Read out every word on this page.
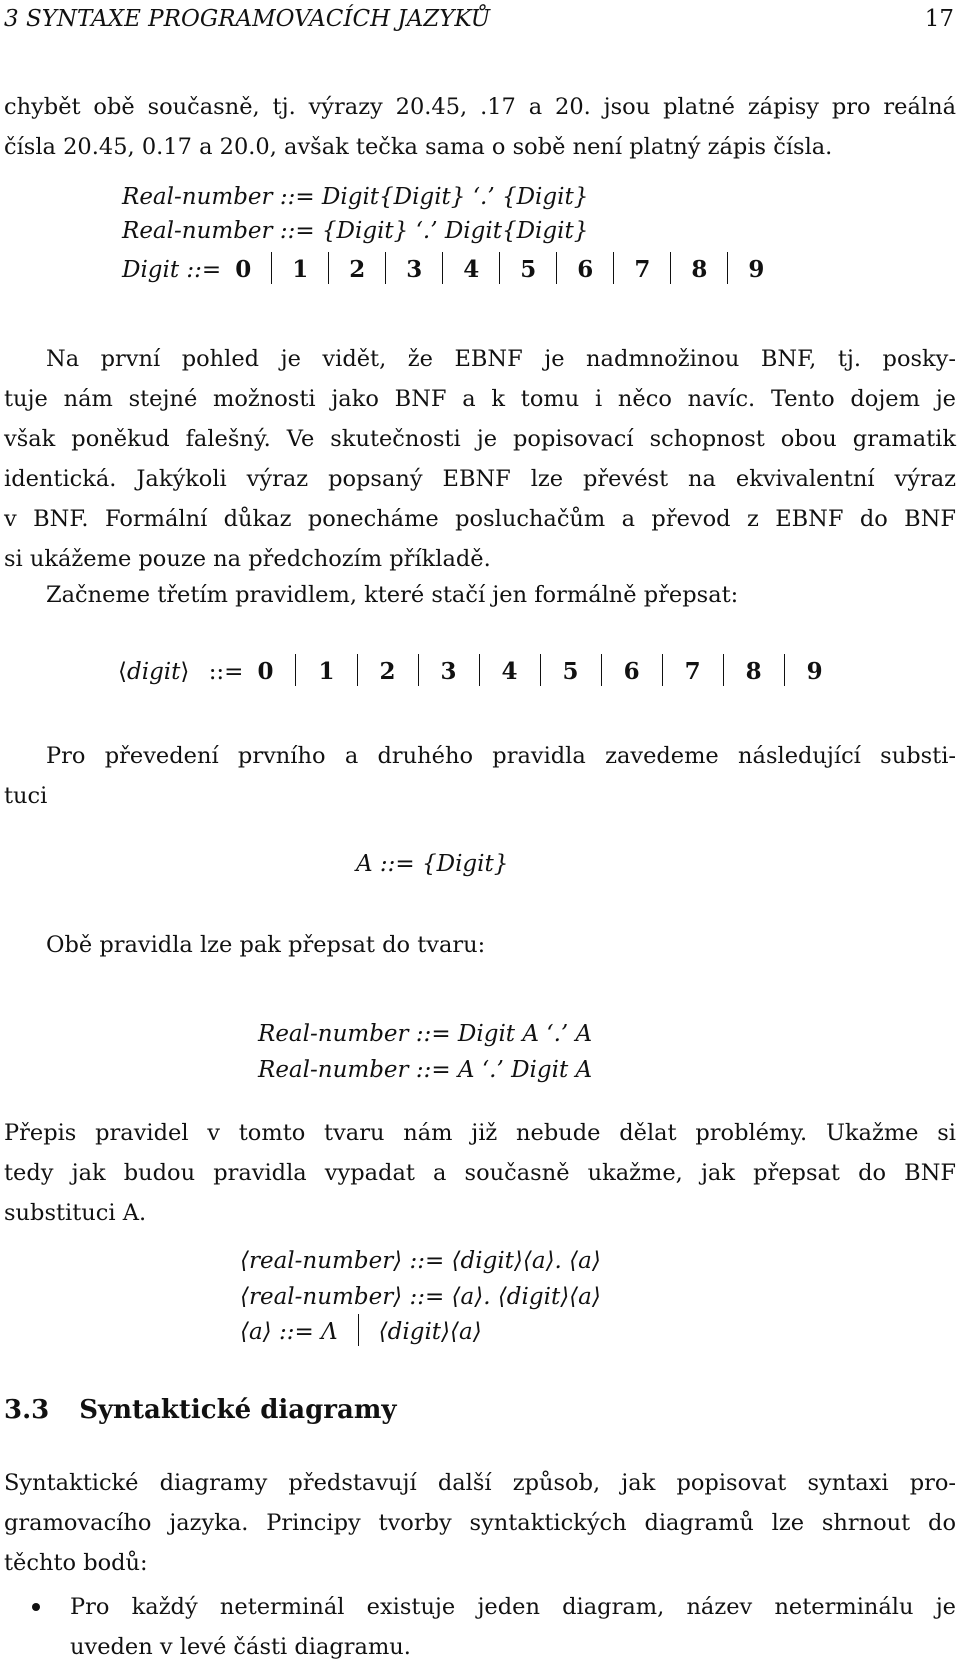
3 SYNTAXE PROGRAMOVACÍCH JAZYKŮ	17
chybět obě současně, tj. výrazy 20.45, .17 a 20. jsou platné zápisy pro reálná
čísla 20.45, 0.17 a 20.0, avšak tečka sama o sobě není platný zápis čísla.
Real-number ::= Digit{Digit} ‘.’ {Digit}
Real-number ::= {Digit} ‘.’ Digit{Digit}
Digit ::= 0 1 2 3 4 5 6 7 8 9
Na první pohled je vidět, že EBNF je nadmnožinou BNF, tj. posky-
tuje nám stejné možnosti jako BNF a k tomu i něco navíc. Tento dojem je
však poněkud falešný. Ve skutečnosti je popisovací schopnost obou gramatik
identická. Jakýkoli výraz popsaný EBNF lze převést na ekvivalentní výraz
v BNF. Formální důkaz ponecháme posluchačům a převod z EBNF do BNF
si ukážeme pouze na předchozím příkladě.
Začneme třetím pravidlem, které stačí jen formálně přepsat:
⟨digit⟩ ::= 0 1 2 3 4 5 6 7 8 9
Pro převedení prvního a druhého pravidla zavedeme následující substi-
tuci
A ::= {Digit}
Obě pravidla lze pak přepsat do tvaru:
Real-number ::= Digit A ‘.’ A
Real-number ::= A ‘.’ Digit A
Přepis pravidel v tomto tvaru nám již nebude dělat problémy. Ukažme si
tedy jak budou pravidla vypadat a současně ukažme, jak přepsat do BNF
substituci A.
⟨real-number⟩ ::= ⟨digit⟩⟨a⟩. ⟨a⟩
⟨real-number⟩ ::= ⟨a⟩. ⟨digit⟩⟨a⟩
⟨a⟩ ::= Λ ⟨digit⟩⟨a⟩
3.3 Syntaktické diagramy
Syntaktické diagramy představují další způsob, jak popisovat syntaxi pro-
gramovacího jazyka. Principy tvorby syntaktických diagramů lze shrnout do
těchto bodů:
Pro každý neterminál existuje jeden diagram, název neterminálu je
uveden v levé části diagramu.
